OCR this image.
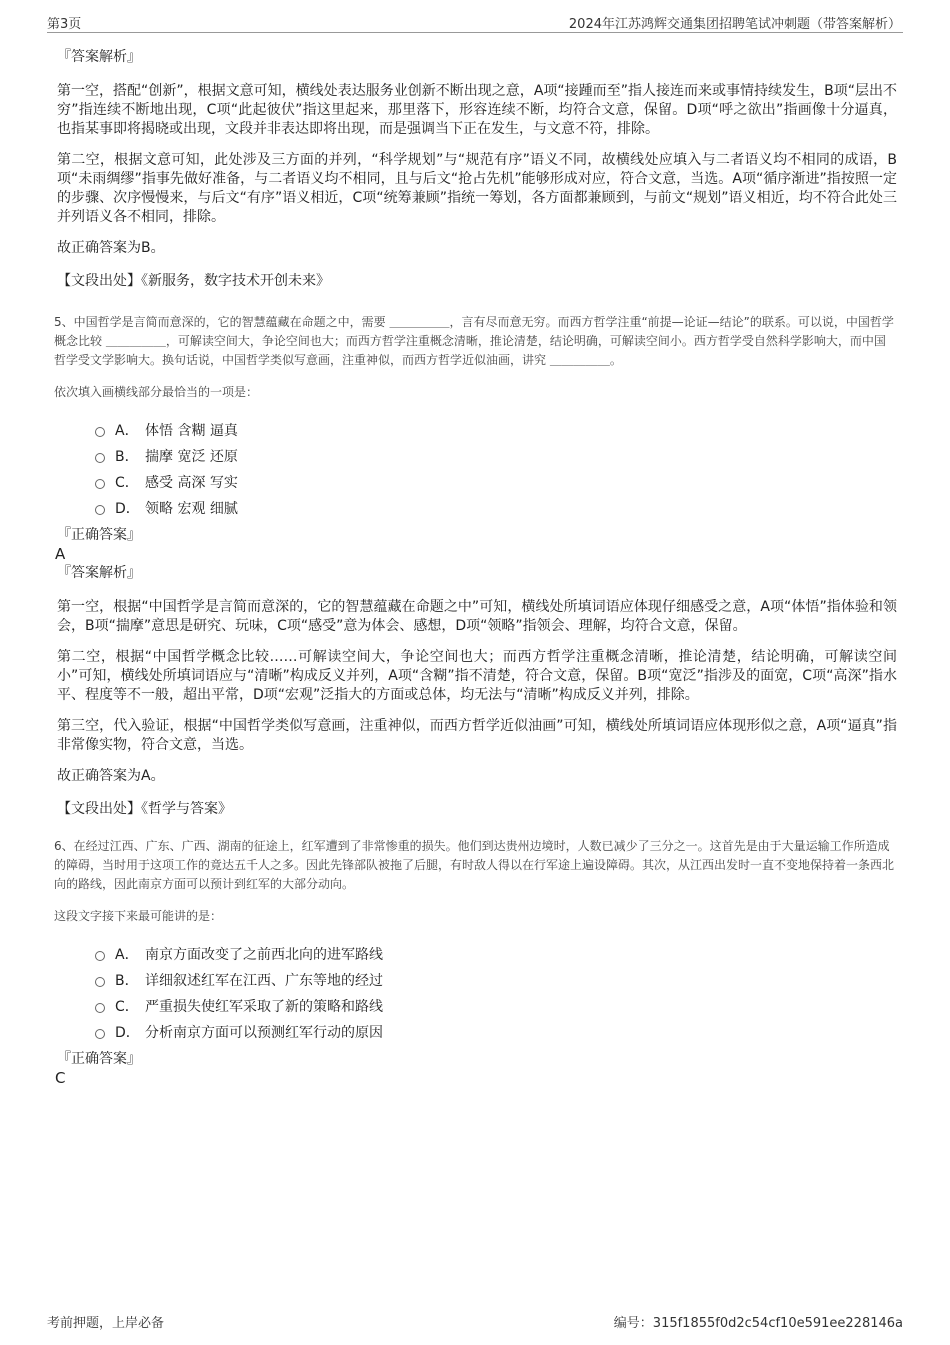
第3页	2024年江苏鸿辉交通集团招聘笔试冲刺题（带答案解析）
『答案解析』

第一空，搭配“创新”，根据文意可知，横线处表达服务业创新不断出现之意，A项“接踵而至”指人接连而来或事情持续发生，B项“层出不穷”指连续不断地出现，C项“此起彼伏”指这里起来，那里落下，形容连续不断，均符合文意，保留。D项“呼之欲出”指画像十分逼真，也指某事即将揭晓或出现，文段并非表达即将出现，而是强调当下正在发生，与文意不符，排除。

第二空，根据文意可知，此处涉及三方面的并列，“科学规划”与“规范有序”语义不同，故横线处应填入与二者语义均不相同的成语，B项“未雨绸缪”指事先做好准备，与二者语义均不相同，且与后文“抢占先机”能够形成对应，符合文意，当选。A项“循序渐进”指按照一定的步骤、次序慢慢来，与后文“有序”语义相近，C项“统筹兼顾”指统一筹划，各方面都兼顾到，与前文“规划”语义相近，均不符合此处三并列语义各不相同，排除。

故正确答案为B。

【文段出处】《新服务，数字技术开创未来》

5、中国哲学是言简而意深的，它的智慧蕴藏在命题之中，需要 ＿＿＿＿＿，言有尽而意无穷。而西方哲学注重“前提—论证—结论”的联系。可以说，中国哲学概念比较 ＿＿＿＿＿，可解读空间大，争论空间也大；而西方哲学注重概念清晰，推论清楚，结论明确，可解读空间小。西方哲学受自然科学影响大，而中国哲学受文学影响大。换句话说，中国哲学类似写意画，注重神似，而西方哲学近似油画，讲究 ＿＿＿＿＿。

依次填入画横线部分最恰当的一项是：

A． 体悟 含糊 逼真
B． 揣摩 宽泛 还原
C． 感受 高深 写实
D． 领略 宏观 细腻
『正确答案』
A
『答案解析』

第一空，根据“中国哲学是言简而意深的，它的智慧蕴藏在命题之中”可知，横线处所填词语应体现仔细感受之意，A项“体悟”指体验和领会，B项“揣摩”意思是研究、玩味，C项“感受”意为体会、感想，D项“领略”指领会、理解，均符合文意，保留。

第二空，根据“中国哲学概念比较……可解读空间大，争论空间也大；而西方哲学注重概念清晰，推论清楚，结论明确，可解读空间小”可知，横线处所填词语应与“清晰”构成反义并列，A项“含糊”指不清楚，符合文意，保留。B项“宽泛”指涉及的面宽，C项“高深”指水平、程度等不一般，超出平常，D项“宏观”泛指大的方面或总体，均无法与“清晰”构成反义并列，排除。

第三空，代入验证，根据“中国哲学类似写意画，注重神似，而西方哲学近似油画”可知，横线处所填词语应体现形似之意，A项“逼真”指非常像实物，符合文意，当选。

故正确答案为A。

【文段出处】《哲学与答案》

6、在经过江西、广东、广西、湖南的征途上，红军遭到了非常惨重的损失。他们到达贵州边境时，人数已减少了三分之一。这首先是由于大量运输工作所造成的障碍，当时用于这项工作的竟达五千人之多。因此先锋部队被拖了后腿，有时敌人得以在行军途上遍设障碍。其次，从江西出发时一直不变地保持着一条西北向的路线，因此南京方面可以预计到红军的大部分动向。

这段文字接下来最可能讲的是：

A． 南京方面改变了之前西北向的进军路线
B． 详细叙述红军在江西、广东等地的经过
C． 严重损失使红军采取了新的策略和路线
D． 分析南京方面可以预测红军行动的原因
『正确答案』
C
考前押题，上岸必备	编号：315f1855f0d2c54cf10e591ee228146a
